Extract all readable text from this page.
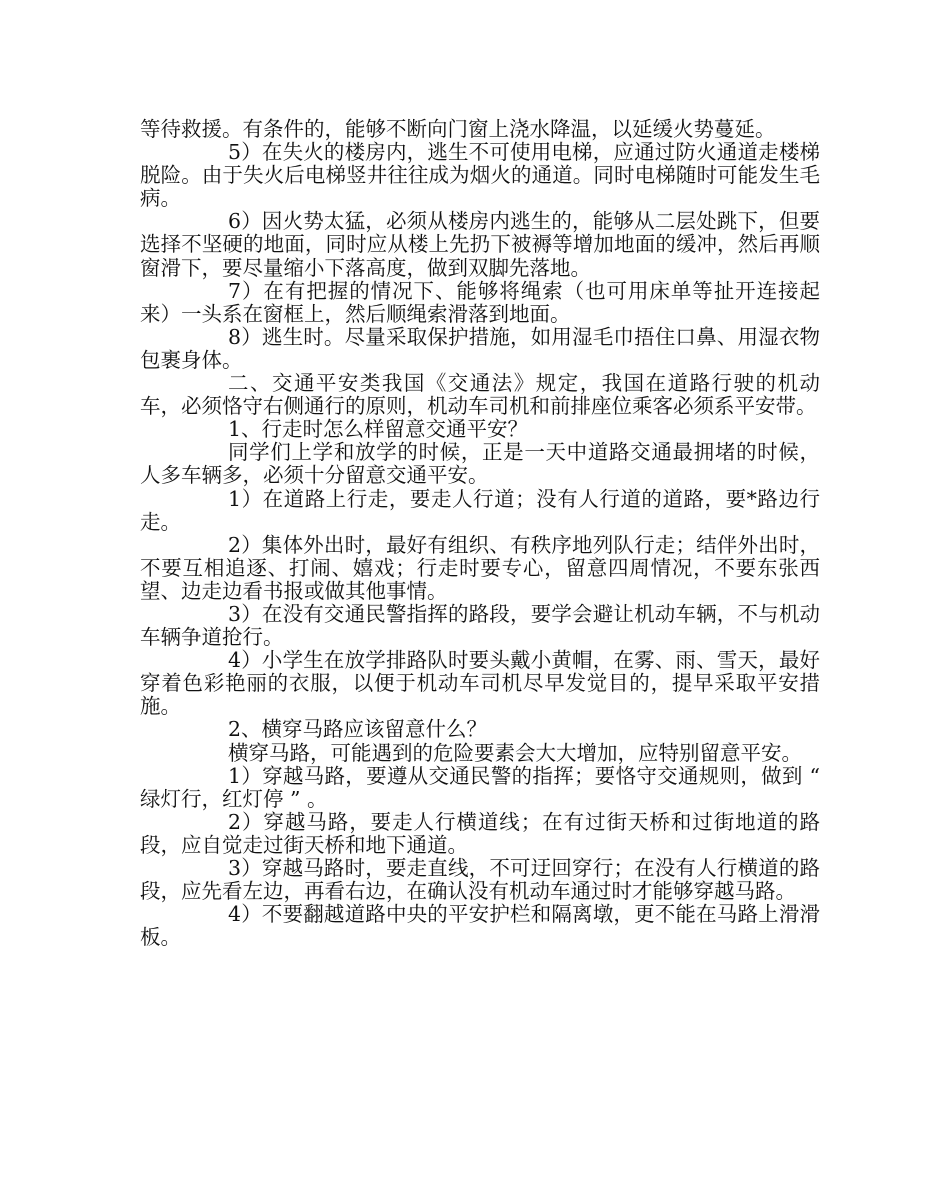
等待救援。有条件的，能够不断向门窗上浇水降温，以延缓火势蔓延。

5）在失火的楼房内，逃生不可使用电梯，应通过防火通道走楼梯脱险。由于失火后电梯竖井往往成为烟火的通道。同时电梯随时可能发生毛病。

6）因火势太猛，必须从楼房内逃生的，能够从二层处跳下，但要选择不坚硬的地面，同时应从楼上先扔下被褥等增加地面的缓冲，然后再顺窗滑下，要尽量缩小下落高度，做到双脚先落地。

7）在有把握的情况下、能够将绳索（也可用床单等扯开连接起来）一头系在窗框上，然后顺绳索滑落到地面。

8）逃生时。尽量采取保护措施，如用湿毛巾捂住口鼻、用湿衣物包裹身体。

二、交通平安类我国《交通法》规定，我国在道路行驶的机动车，必须恪守右侧通行的原则，机动车司机和前排座位乘客必须系平安带。

1、行走时怎么样留意交通平安？

同学们上学和放学的时候，正是一天中道路交通最拥堵的时候，人多车辆多，必须十分留意交通平安。

1）在道路上行走，要走人行道；没有人行道的道路，要*路边行走。

2）集体外出时，最好有组织、有秩序地列队行走；结伴外出时，不要互相追逐、打闹、嬉戏；行走时要专心，留意四周情况，不要东张西望、边走边看书报或做其他事情。

3）在没有交通民警指挥的路段，要学会避让机动车辆，不与机动车辆争道抢行。

4）小学生在放学排路队时要头戴小黄帽，在雾、雨、雪天，最好穿着色彩艳丽的衣服，以便于机动车司机尽早发觉目的，提早采取平安措施。

2、横穿马路应该留意什么？

横穿马路，可能遇到的危险要素会大大增加，应特别留意平安。

1）穿越马路，要遵从交通民警的指挥；要恪守交通规则，做到 “ 绿灯行，红灯停 ” 。

2）穿越马路，要走人行横道线；在有过街天桥和过街地道的路段，应自觉走过街天桥和地下通道。

3）穿越马路时，要走直线，不可迂回穿行；在没有人行横道的路段，应先看左边，再看右边，在确认没有机动车通过时才能够穿越马路。

4）不要翻越道路中央的平安护栏和隔离墩，更不能在马路上滑滑板。
